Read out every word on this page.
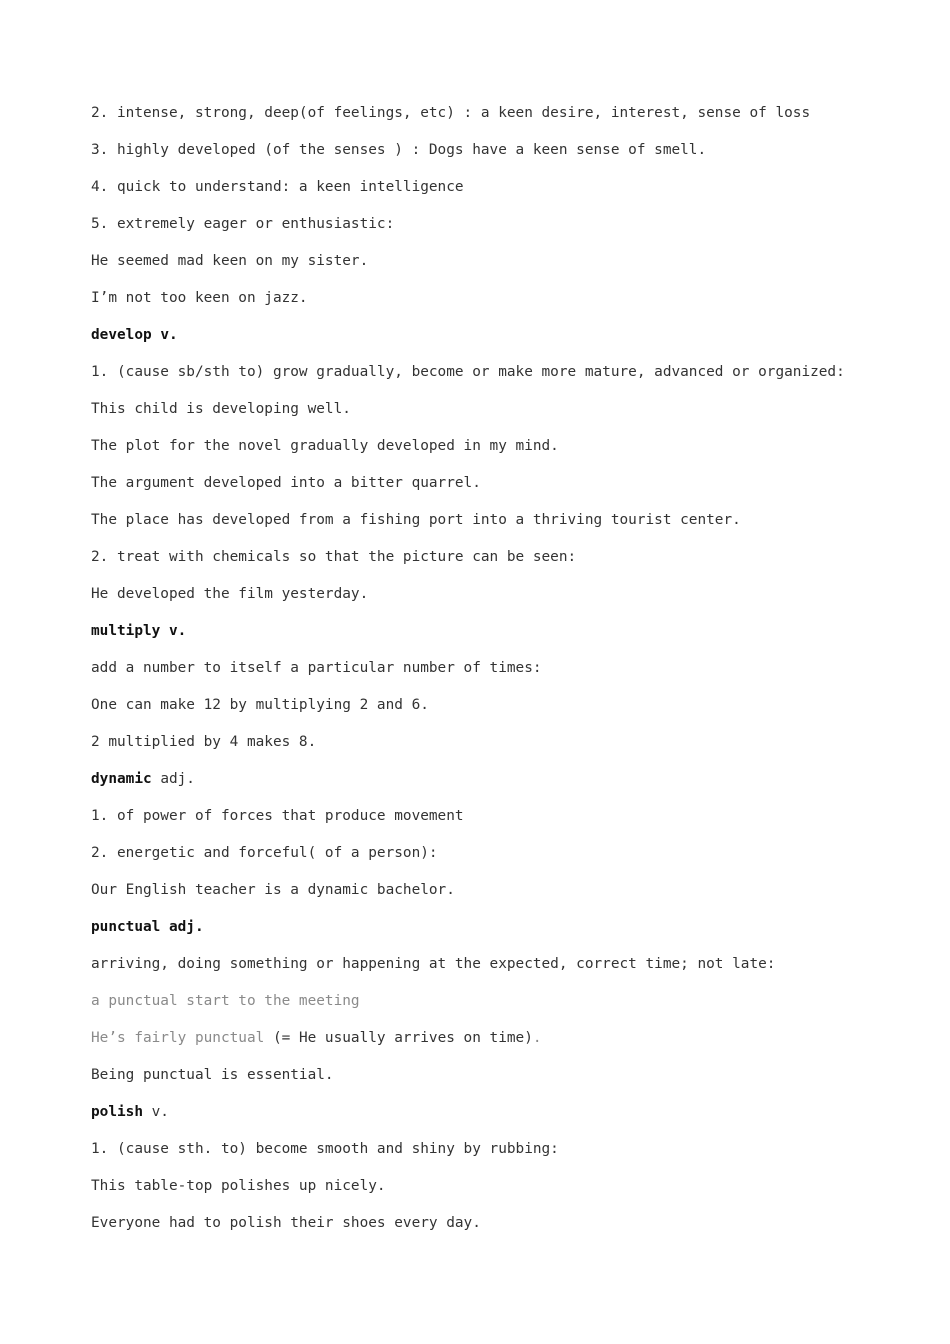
2. intense, strong, deep(of feelings, etc) : a keen desire, interest, sense of loss
3. highly developed (of the senses ) : Dogs have a keen sense of smell.
4. quick to understand: a keen intelligence
5. extremely eager or enthusiastic:
He seemed mad keen on my sister.
I’m not too keen on jazz.
develop v.
1. (cause sb/sth to) grow gradually, become or make more mature, advanced or organized:
This child is developing well.
The plot for the novel gradually developed in my mind.
The argument developed into a bitter quarrel.
The place has developed from a fishing port into a thriving tourist center.
2. treat with chemicals so that the picture can be seen:
He developed the film yesterday.
multiply v.
add a number to itself a particular number of times:
One can make 12 by multiplying 2 and 6.
2 multiplied by 4 makes 8.
dynamic adj.
1. of power of forces that produce movement
2. energetic and forceful( of a person):
Our English teacher is a dynamic bachelor.
punctual adj.
arriving, doing something or happening at the expected, correct time; not late:
a punctual start to the meeting
He’s fairly punctual (= He usually arrives on time).
Being punctual is essential.
polish v.
1. (cause sth. to) become smooth and shiny by rubbing:
This table-top polishes up nicely.
Everyone had to polish their shoes every day.
